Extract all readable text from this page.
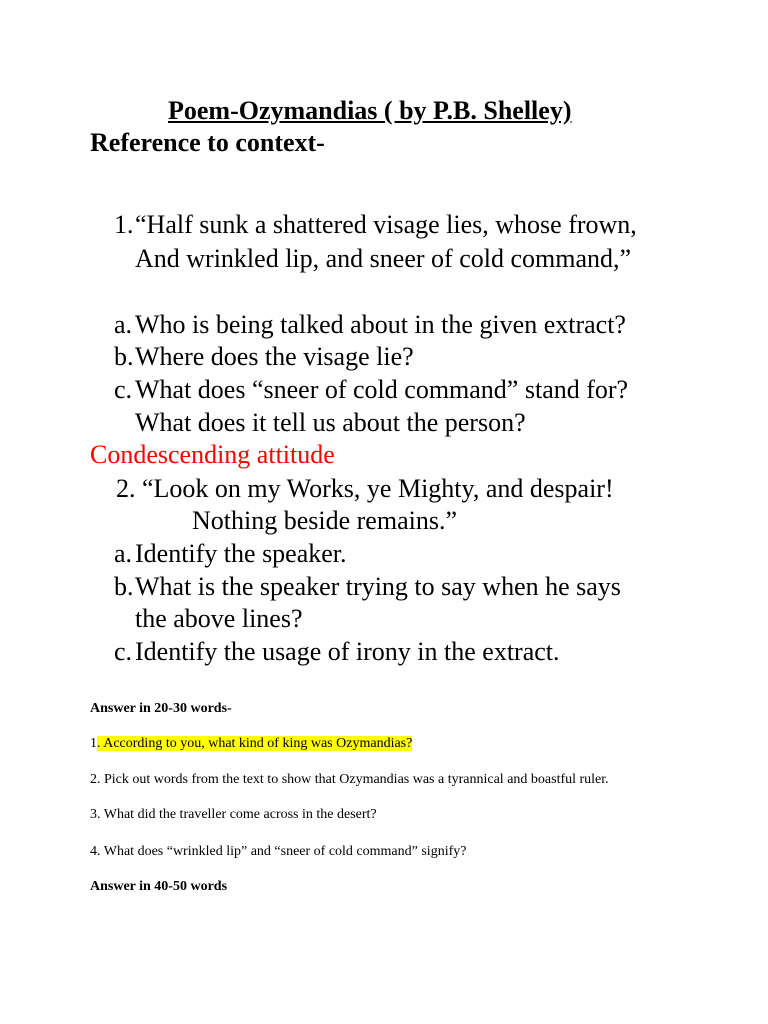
Poem-Ozymandias ( by P.B. Shelley)
Reference to context-
1. “Half sunk a shattered visage lies, whose frown,
And wrinkled lip, and sneer of cold command,”
a. Who is being talked about in the given extract?
b. Where does the visage lie?
c. What does “sneer of cold command” stand for?
What does it tell us about the person?
Condescending attitude
2. “Look on my Works, ye Mighty, and despair!
Nothing beside remains.”
a. Identify the speaker.
b. What is the speaker trying to say when he says
the above lines?
c. Identify the usage of irony in the extract.
Answer in 20-30 words-
1. According to you, what kind of king was Ozymandias?
2. Pick out words from the text to show that Ozymandias was a tyrannical and boastful ruler.
3. What did the traveller come across in the desert?
4. What does “wrinkled lip” and “sneer of cold command” signify?
Answer in 40-50 words
